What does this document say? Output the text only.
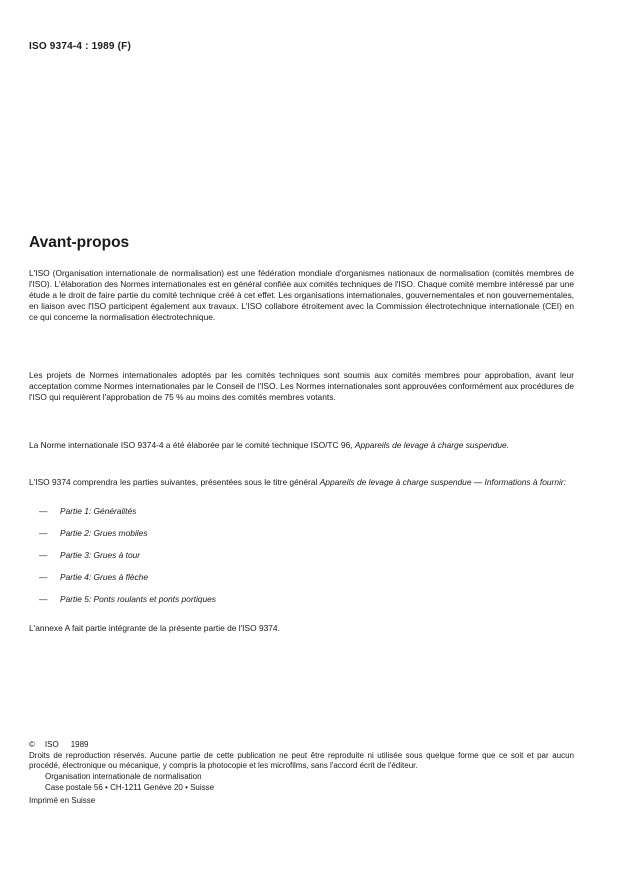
ISO 9374-4 : 1989 (F)
Avant-propos

L'ISO (Organisation internationale de normalisation) est une fédération mondiale d'organismes nationaux de normalisation (comités membres de l'ISO). L'élaboration des Normes internationales est en général confiée aux comités techniques de l'ISO. Chaque comité membre intéressé par une étude a le droit de faire partie du comité technique créé à cet effet. Les organisations internationales, gouvernementales et non gouvernementales, en liaison avec l'ISO participent également aux travaux. L'ISO collabore étroitement avec la Commission électrotechnique internationale (CEI) en ce qui concerne la normalisation électrotechnique.

Les projets de Normes internationales adoptés par les comités techniques sont soumis aux comités membres pour approbation, avant leur acceptation comme Normes internationales par le Conseil de l'ISO. Les Normes internationales sont approuvées conformément aux procédures de l'ISO qui requièrent l'approbation de 75 % au moins des comités membres votants.

La Norme internationale ISO 9374-4 a été élaborée par le comité technique ISO/TC 96, Appareils de levage à charge suspendue.

L'ISO 9374 comprendra les parties suivantes, présentées sous le titre général Appareils de levage à charge suspendue — Informations à fournir:

— Partie 1: Généralités
— Partie 2: Grues mobiles
— Partie 3: Grues à tour
— Partie 4: Grues à flèche
— Partie 5: Ponts roulants et ponts portiques

L'annexe A fait partie intégrante de la présente partie de l'ISO 9374.

© ISO 1989
Droits de reproduction réservés. Aucune partie de cette publication ne peut être reproduite ni utilisée sous quelque forme que ce soit et par aucun procédé, électronique ou mécanique, y compris la photocopie et les microfilms, sans l'accord écrit de l'éditeur.
Organisation internationale de normalisation
Case postale 56 • CH-1211 Genève 20 • Suisse
Imprimé en Suisse
